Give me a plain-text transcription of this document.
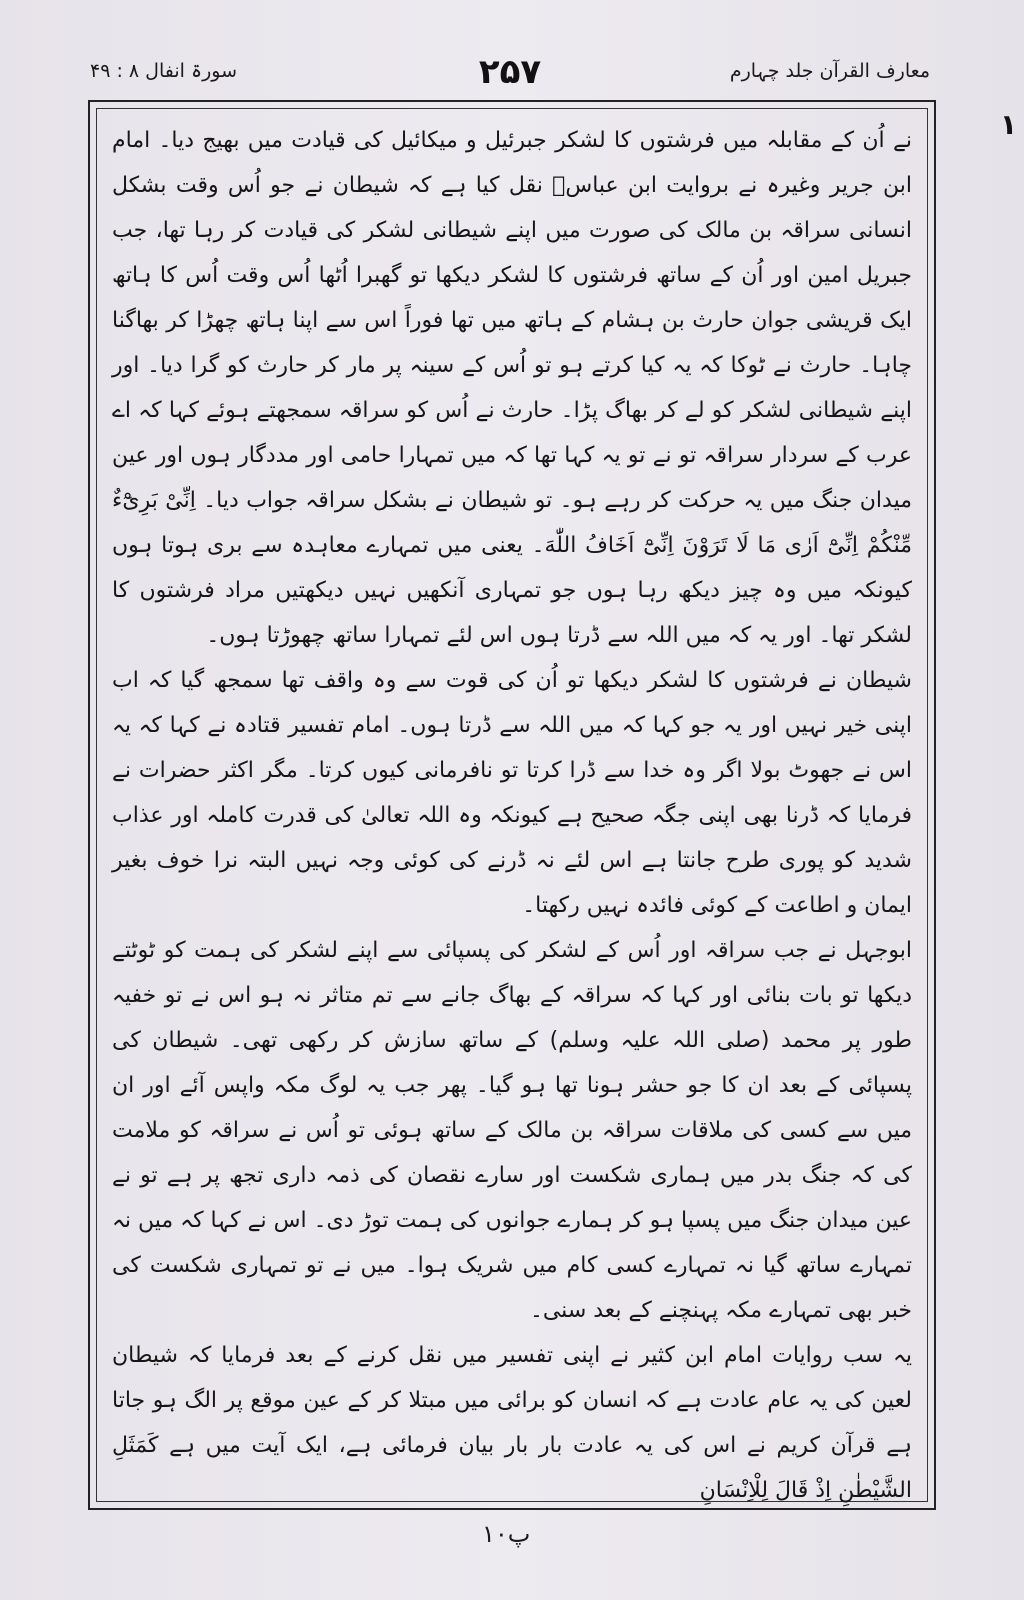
معارف القرآن جلد چہارم
۲۵۷
سورۃ انفال ۸ : ۴۹
١

نے اُن کے مقابلہ میں فرشتوں کا لشکر جبرئیل و میکائیل کی قیادت میں بھیج دیا۔ امام ابن جریر وغیرہ نے بروایت ابن عباسؓ نقل کیا ہے کہ شیطان نے جو اُس وقت بشکل انسانی سراقہ بن مالک کی صورت میں اپنے شیطانی لشکر کی قیادت کر رہا تھا، جب جبریل امین اور اُن کے ساتھ فرشتوں کا لشکر دیکھا تو گھبرا اُٹھا اُس وقت اُس کا ہاتھ ایک قریشی جوان حارث بن ہشام کے ہاتھ میں تھا فوراً اس سے اپنا ہاتھ چھڑا کر بھاگنا چاہا۔ حارث نے ٹوکا کہ یہ کیا کرتے ہو تو اُس کے سینہ پر مار کر حارث کو گرا دیا۔ اور اپنے شیطانی لشکر کو لے کر بھاگ پڑا۔ حارث نے اُس کو سراقہ سمجھتے ہوئے کہا کہ اے عرب کے سردار سراقہ تو نے تو یہ کہا تھا کہ میں تمہارا حامی اور مددگار ہوں اور عین میدان جنگ میں یہ حرکت کر رہے ہو۔ تو شیطان نے بشکل سراقہ جواب دیا۔ اِنِّىْ بَرِىْٓءٌ مِّنْكُمْ اِنِّىْٓ اَرٰى مَا لَا تَرَوْنَ اِنِّىْٓ اَخَافُ اللّٰهَ۔ یعنی میں تمہارے معاہدہ سے بری ہوتا ہوں کیونکہ میں وہ چیز دیکھ رہا ہوں جو تمہاری آنکھیں نہیں دیکھتیں مراد فرشتوں کا لشکر تھا۔ اور یہ کہ میں اللہ سے ڈرتا ہوں اس لئے تمہارا ساتھ چھوڑتا ہوں۔

شیطان نے فرشتوں کا لشکر دیکھا تو اُن کی قوت سے وہ واقف تھا سمجھ گیا کہ اب اپنی خیر نہیں اور یہ جو کہا کہ میں اللہ سے ڈرتا ہوں۔ امام تفسیر قتادہ نے کہا کہ یہ اس نے جھوٹ بولا اگر وہ خدا سے ڈرا کرتا تو نافرمانی کیوں کرتا۔ مگر اکثر حضرات نے فرمایا کہ ڈرنا بھی اپنی جگہ صحیح ہے کیونکہ وہ اللہ تعالیٰ کی قدرت کاملہ اور عذاب شدید کو پوری طرح جانتا ہے اس لئے نہ ڈرنے کی کوئی وجہ نہیں البتہ نرا خوف بغیر ایمان و اطاعت کے کوئی فائدہ نہیں رکھتا۔

ابوجہل نے جب سراقہ اور اُس کے لشکر کی پسپائی سے اپنے لشکر کی ہمت کو ٹوٹتے دیکھا تو بات بنائی اور کہا کہ سراقہ کے بھاگ جانے سے تم متاثر نہ ہو اس نے تو خفیہ طور پر محمد (صلی اللہ علیہ وسلم) کے ساتھ سازش کر رکھی تھی۔ شیطان کی پسپائی کے بعد ان کا جو حشر ہونا تھا ہو گیا۔ پھر جب یہ لوگ مکہ واپس آئے اور ان میں سے کسی کی ملاقات سراقہ بن مالک کے ساتھ ہوئی تو اُس نے سراقہ کو ملامت کی کہ جنگ بدر میں ہماری شکست اور سارے نقصان کی ذمہ داری تجھ پر ہے تو نے عین میدان جنگ میں پسپا ہو کر ہمارے جوانوں کی ہمت توڑ دی۔ اس نے کہا کہ میں نہ تمہارے ساتھ گیا نہ تمہارے کسی کام میں شریک ہوا۔ میں نے تو تمہاری شکست کی خبر بھی تمہارے مکہ پہنچنے کے بعد سنی۔

یہ سب روایات امام ابن کثیر نے اپنی تفسیر میں نقل کرنے کے بعد فرمایا کہ شیطان لعین کی یہ عام عادت ہے کہ انسان کو برائی میں مبتلا کر کے عین موقع پر الگ ہو جاتا ہے قرآن کریم نے اس کی یہ عادت بار بار بیان فرمائی ہے، ایک آیت میں ہے کَمَثَلِ الشَّيْطٰنِ اِذْ قَالَ لِلْاِنْسَانِ

پ١٠
